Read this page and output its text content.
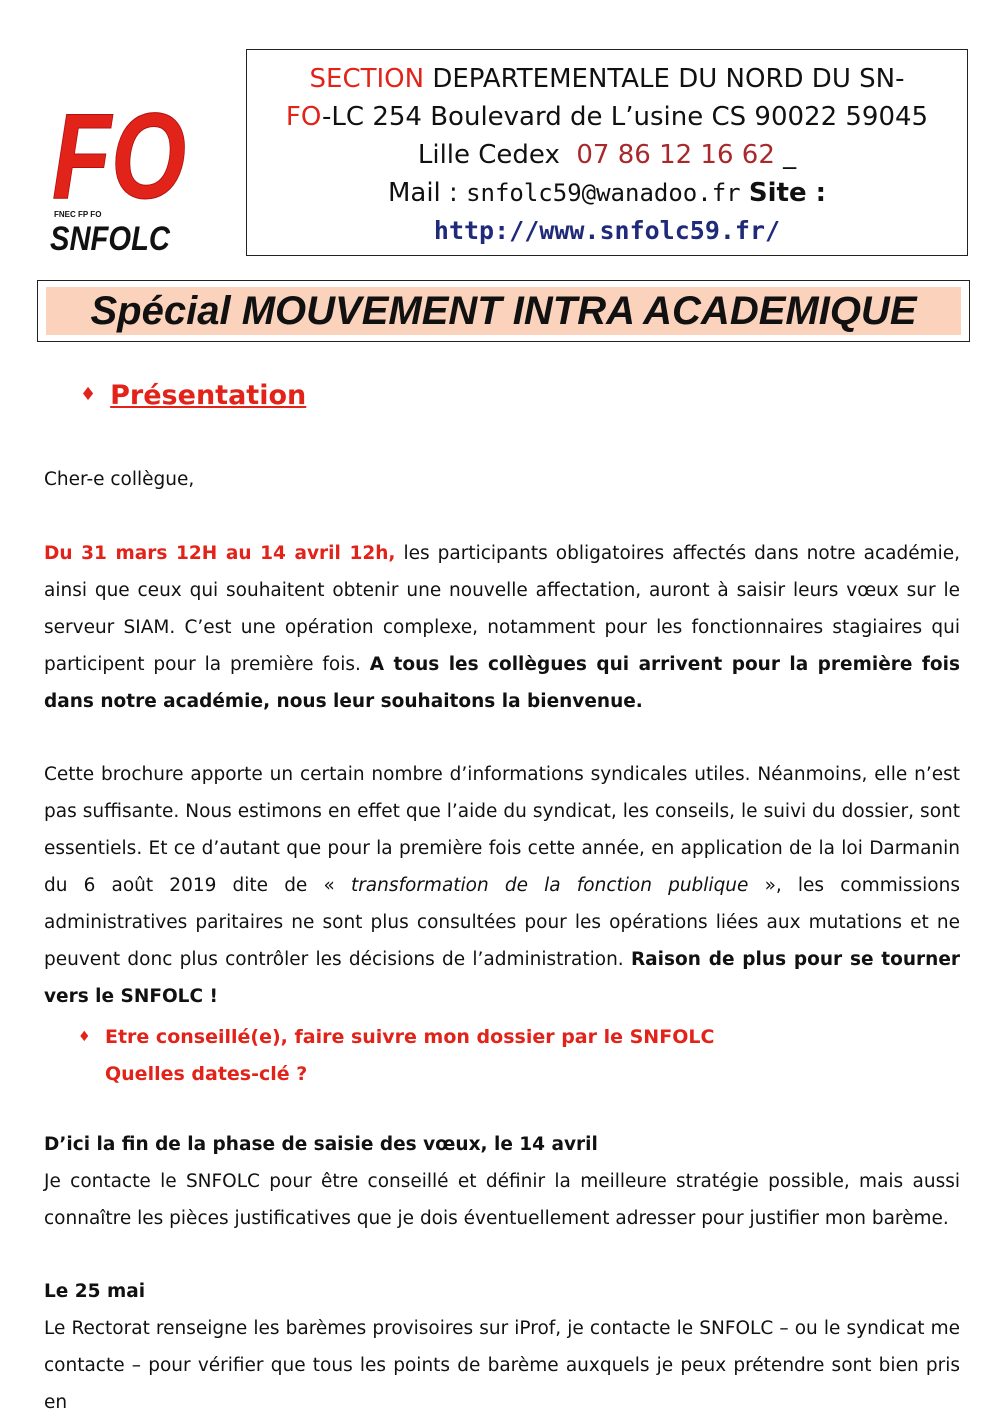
FO
FNEC FP FO
SNFOLC
SECTION DEPARTEMENTALE DU NORD DU SN-
FO-LC 254 Boulevard de L’usine CS 90022 59045
Lille Cedex 07 86 12 16 62 _
Mail : snfolc59@wanadoo.fr Site :
http://www.snfolc59.fr/
Spécial MOUVEMENT INTRA ACADEMIQUE
♦ Présentation
Cher-e collègue,
Du 31 mars 12H au 14 avril 12h, les participants obligatoires affectés dans notre académie, ainsi que ceux qui souhaitent obtenir une nouvelle affectation, auront à saisir leurs vœux sur le serveur SIAM. C’est une opération complexe, notamment pour les fonctionnaires stagiaires qui participent pour la première fois. A tous les collègues qui arrivent pour la première fois dans notre académie, nous leur souhaitons la bienvenue.
Cette brochure apporte un certain nombre d’informations syndicales utiles. Néanmoins, elle n’est pas suffisante. Nous estimons en effet que l’aide du syndicat, les conseils, le suivi du dossier, sont essentiels. Et ce d’autant que pour la première fois cette année, en application de la loi Darmanin du 6 août 2019 dite de « transformation de la fonction publique », les commissions administratives paritaires ne sont plus consultées pour les opérations liées aux mutations et ne peuvent donc plus contrôler les décisions de l’administration. Raison de plus pour se tourner vers le SNFOLC !
♦ Etre conseillé(e), faire suivre mon dossier par le SNFOLC
Quelles dates-clé ?
D’ici la fin de la phase de saisie des vœux, le 14 avril
Je contacte le SNFOLC pour être conseillé et définir la meilleure stratégie possible, mais aussi connaître les pièces justificatives que je dois éventuellement adresser pour justifier mon barème.
Le 25 mai
Le Rectorat renseigne les barèmes provisoires sur iProf, je contacte le SNFOLC – ou le syndicat me contacte – pour vérifier que tous les points de barème auxquels je peux prétendre sont bien pris en
